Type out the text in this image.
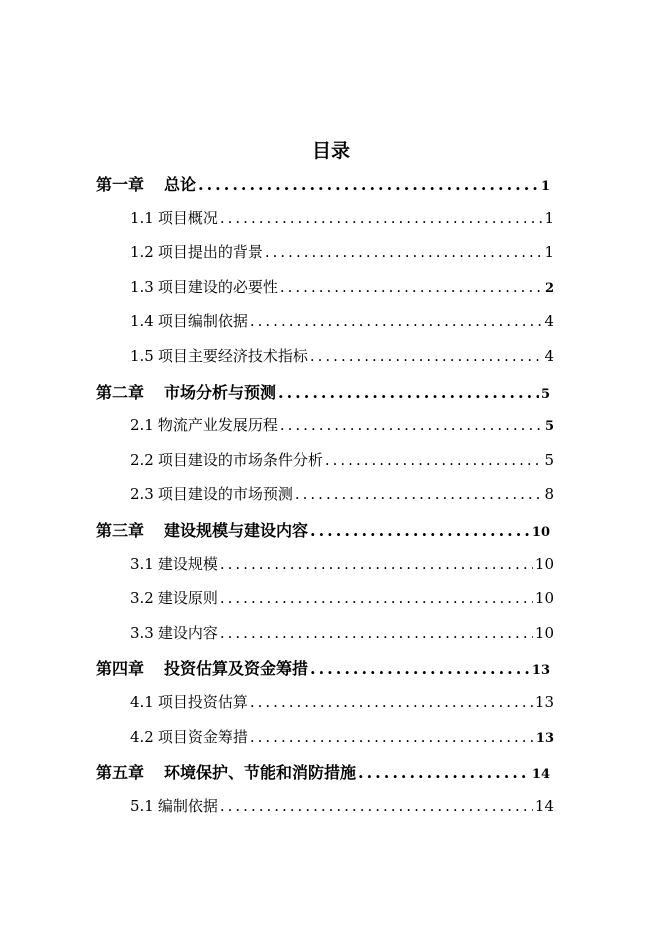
目录
第一章 总论 .....	1
1.1 项目概况 .....	1
1.2 项目提出的背景 .....	1
1.3 项目建设的必要性 .....	2
1.4 项目编制依据 .....	4
1.5 项目主要经济技术指标 .....	4
第二章 市场分析与预测 .....	5
2.1 物流产业发展历程 .....	5
2.2 项目建设的市场条件分析 .....	5
2.3 项目建设的市场预测 .....	8
第三章 建设规模与建设内容 .....	10
3.1 建设规模 .....	10
3.2 建设原则 .....	10
3.3 建设内容 .....	10
第四章 投资估算及资金筹措 .....	13
4.1 项目投资估算 .....	13
4.2 项目资金筹措 .....	13
第五章 环境保护、节能和消防措施 .....	14
5.1 编制依据 .....	14
